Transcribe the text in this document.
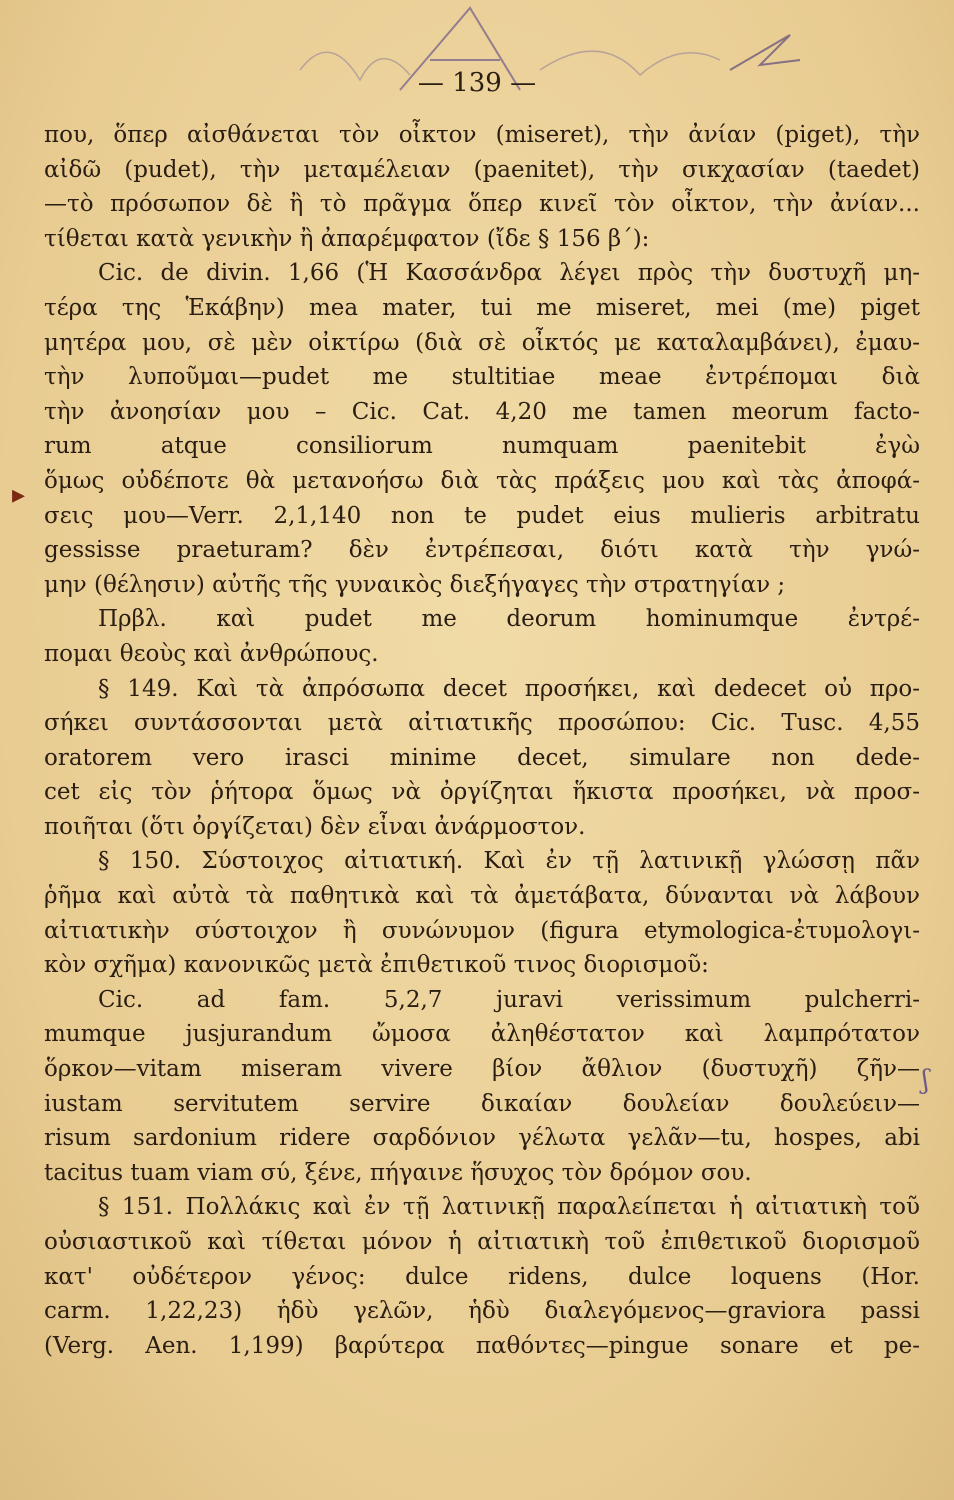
— 139 —
που, ὅπερ αἰσθάνεται τὸν οἶκτον (miseret), τὴν ἀνίαν (piget), τὴν
αἰδῶ (pudet), τὴν μεταμέλειαν (paenitet), τὴν σικχασίαν (taedet)
—τὸ πρόσωπον δὲ ἢ τὸ πρᾶγμα ὅπερ κινεῖ τὸν οἶκτον, τὴν ἀνίαν...
τίθεται κατὰ γενικὴν ἢ ἀπαρέμφατον (ἴδε § 156 β΄):
Cic. de divin. 1,66 (Ἡ Κασσάνδρα λέγει πρὸς τὴν δυστυχῆ μη-
τέρα της Ἑκάβην) mea mater, tui me miseret, mei (me) piget
μητέρα μου, σὲ μὲν οἰκτίρω (διὰ σὲ οἶκτός με καταλαμβάνει), ἐμαυ-
τὴν λυποῦμαι—pudet me stultitiae meae ἐντρέπομαι διὰ
τὴν ἀνοησίαν μου – Cic. Cat. 4,20 me tamen meorum facto-
rum atque consiliorum numquam paenitebit ἐγὼ
ὅμως οὐδέποτε θὰ μετανοήσω διὰ τὰς πράξεις μου καὶ τὰς ἀποφά-
σεις μου—Verr. 2,1,140 non te pudet eius mulieris arbitratu
gessisse praeturam? δὲν ἐντρέπεσαι, διότι κατὰ τὴν γνώ-
μην (θέλησιν) αὐτῆς τῆς γυναικὸς διεξήγαγες τὴν στρατηγίαν ;
Πρβλ. καὶ pudet me deorum hominumque ἐντρέ-
πομαι θεοὺς καὶ ἀνθρώπους.
§ 149. Καὶ τὰ ἀπρόσωπα decet προσήκει, καὶ dedecet οὐ προ-
σήκει συντάσσονται μετὰ αἰτιατικῆς προσώπου: Cic. Tusc. 4,55
oratorem vero irasci minime decet, simulare non dede-
cet εἰς τὸν ῥήτορα ὅμως νὰ ὀργίζηται ἥκιστα προσήκει, νὰ προσ-
ποιῆται (ὅτι ὀργίζεται) δὲν εἶναι ἀνάρμοστον.
§ 150. Σύστοιχος αἰτιατική. Καὶ ἐν τῇ λατινικῇ γλώσσῃ πᾶν
ῥῆμα καὶ αὐτὰ τὰ παθητικὰ καὶ τὰ ἀμετάβατα, δύνανται νὰ λάβουν
αἰτιατικὴν σύστοιχον ἢ συνώνυμον (figura etymologica-ἐτυμολογι-
κὸν σχῆμα) κανονικῶς μετὰ ἐπιθετικοῦ τινος διορισμοῦ:
Cic. ad fam. 5,2,7 juravi verissimum pulcherri-
mumque jusjurandum ὤμοσα ἀληθέστατον καὶ λαμπρότατον
ὅρκον—vitam miseram vivere βίον ἄθλιον (δυστυχῆ) ζῆν—
iustam servitutem servire δικαίαν δουλείαν δουλεύειν—
risum sardonium ridere σαρδόνιον γέλωτα γελᾶν—tu, hospes, abi
tacitus tuam viam σύ, ξένε, πήγαινε ἥσυχος τὸν δρόμον σου.
§ 151. Πολλάκις καὶ ἐν τῇ λατινικῇ παραλείπεται ἡ αἰτιατικὴ τοῦ
οὐσιαστικοῦ καὶ τίθεται μόνον ἡ αἰτιατικὴ τοῦ ἐπιθετικοῦ διορισμοῦ
κατ' οὐδέτερον γένος: dulce ridens, dulce loquens (Hor.
carm. 1,22,23) ἡδὺ γελῶν, ἡδὺ διαλεγόμενος—graviora passi
(Verg. Aen. 1,199) βαρύτερα παθόντες—pingue sonare et pe-
▸
ʃ
